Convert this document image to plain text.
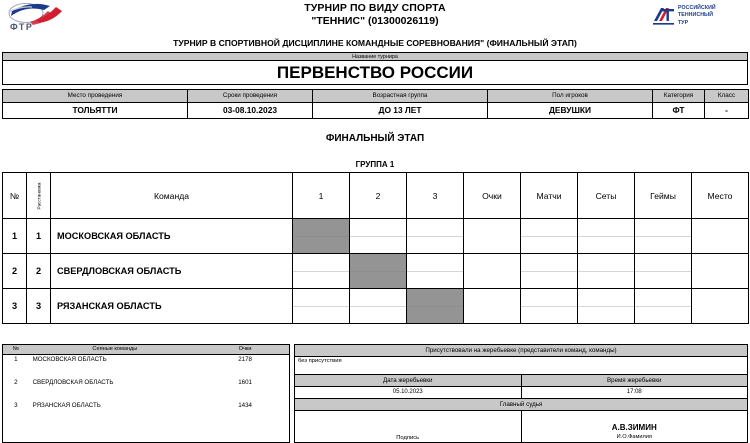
ФТР
ТУРНИР ПО ВИДУ СПОРТА
"ТЕННИС" (01300026119)
ТУРНИР В СПОРТИВНОЙ ДИСЦИПЛИНЕ КОМАНДНЫЕ СОРЕВНОВАНИЯ" (ФИНАЛЬНЫЙ ЭТАП)
РОССИЙСКИЙ
ТЕННИСНЫЙ
ТУР
Название турнира
ПЕРВЕНСТВО РОССИИ
Место проведения	Сроки проведения	Возрастная группа	Пол игроков	Категория	Класс
ТОЛЬЯТТИ	03-08.10.2023	ДО 13 ЛЕТ	ДЕВУШКИ	ФТ	-
ФИНАЛЬНЫЙ ЭТАП
ГРУППА 1
№	Расстановка	Команда	1	2	3	Очки	Матчи	Сеты	Геймы	Место
1	1	МОСКОВСКАЯ ОБЛАСТЬ	

2	2	СВЕРДЛОВСКАЯ ОБЛАСТЬ	

3	3	РЯЗАНСКАЯ ОБЛАСТЬ	

№	Сеяные команды	Очки
1	МОСКОВСКАЯ ОБЛАСТЬ	2178
2	СВЕРДЛОВСКАЯ ОБЛАСТЬ	1601
3	РЯЗАНСКАЯ ОБЛАСТЬ	1434

Присутствовали на жеребьевке (представители команд, команды)	
без присутствия	
Дата жеребьевки	Время жеребьевки
05.10.2023	17:08
Главный судья	
Подпись	А.В.ЗИМИН
И.О.Фамилия
